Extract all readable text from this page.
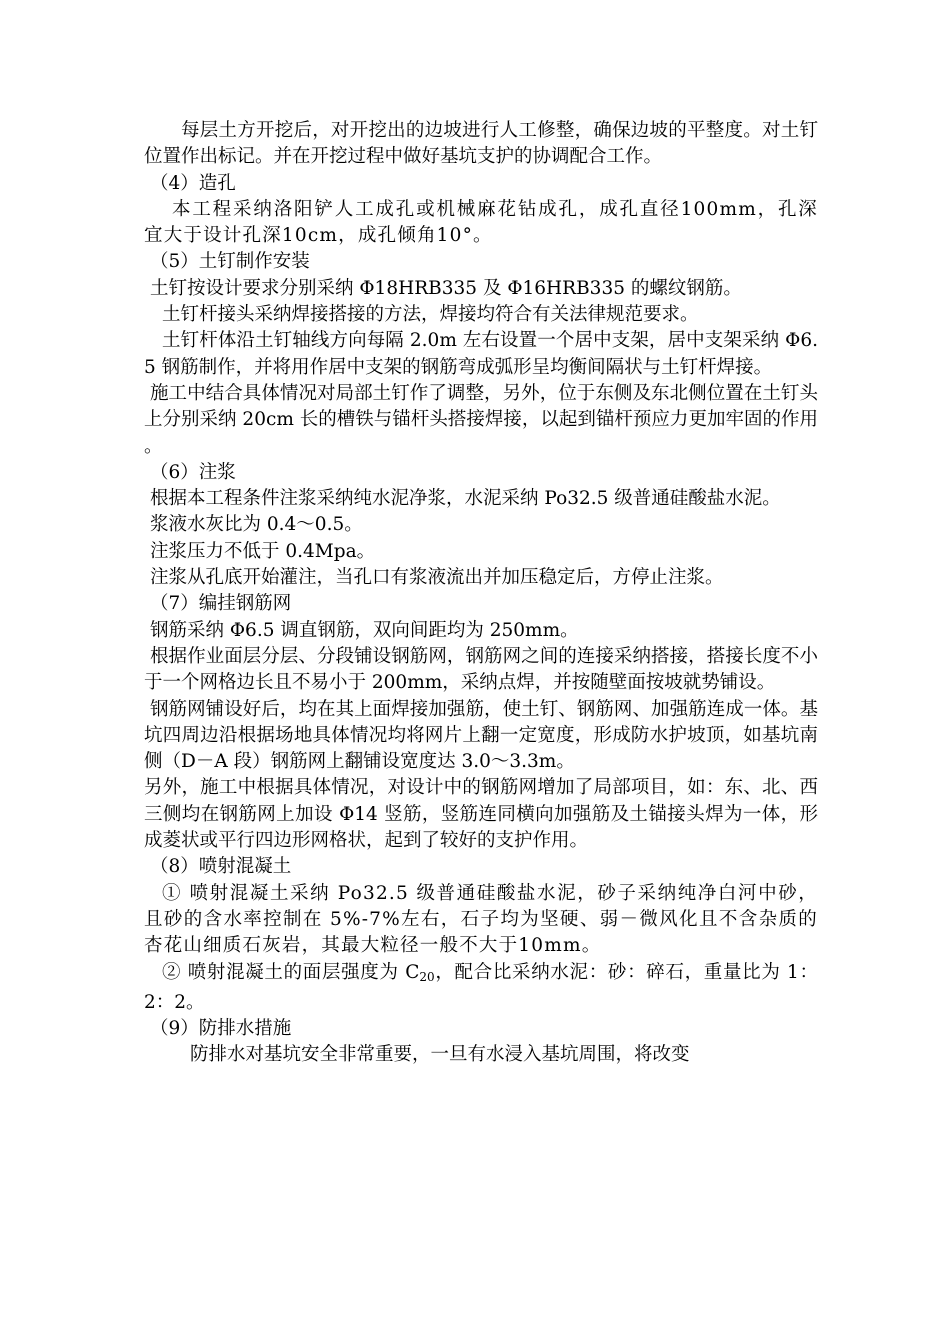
每层土方开挖后，对开挖出的边坡进行人工修整，确保边坡的平整度。对土钉位置作出标记。并在开挖过程中做好基坑支护的协调配合工作。

（4）造孔

本工程采纳洛阳铲人工成孔或机械麻花钻成孔，成孔直径100mm，孔深宜大于设计孔深10cm，成孔倾角10°。

（5）土钉制作安装

土钉按设计要求分别采纳 Φ18HRB335 及 Φ16HRB335 的螺纹钢筋。

土钉杆接头采纳焊接搭接的方法，焊接均符合有关法律规范要求。

土钉杆体沿土钉轴线方向每隔 2.0m 左右设置一个居中支架，居中支架采纳 Φ6.5 钢筋制作，并将用作居中支架的钢筋弯成弧形呈均衡间隔状与土钉杆焊接。

施工中结合具体情况对局部土钉作了调整，另外，位于东侧及东北侧位置在土钉头上分别采纳 20cm 长的槽铁与锚杆头搭接焊接，以起到锚杆预应力更加牢固的作用 。

（6）注浆

根据本工程条件注浆采纳纯水泥净浆，水泥采纳 Po32.5 级普通硅酸盐水泥。

浆液水灰比为 0.4～0.5。

注浆压力不低于 0.4Mpa。

注浆从孔底开始灌注，当孔口有浆液流出并加压稳定后，方停止注浆。

（7）编挂钢筋网

钢筋采纳 Φ6.5 调直钢筋，双向间距均为 250mm。

根据作业面层分层、分段铺设钢筋网，钢筋网之间的连接采纳搭接，搭接长度不小于一个网格边长且不易小于 200mm，采纳点焊，并按随壁面按坡就势铺设。

钢筋网铺设好后，均在其上面焊接加强筋，使土钉、钢筋网、加强筋连成一体。基坑四周边沿根据场地具体情况均将网片上翻一定宽度，形成防水护坡顶，如基坑南侧（D－A 段）钢筋网上翻铺设宽度达 3.0～3.3m。

另外，施工中根据具体情况，对设计中的钢筋网增加了局部项目，如：东、北、西三侧均在钢筋网上加设 Φ14 竖筋，竖筋连同横向加强筋及土锚接头焊为一体，形成菱状或平行四边形网格状，起到了较好的支护作用。

（8）喷射混凝土

① 喷射混凝土采纳 Po32.5 级普通硅酸盐水泥，砂子采纳纯净白河中砂，且砂的含水率控制在 5%-7%左右，石子均为坚硬、弱－微风化且不含杂质的杏花山细质石灰岩，其最大粒径一般不大于10mm。

② 喷射混凝土的面层强度为 $C_{20}$，配合比采纳水泥：砂：碎石，重量比为 1：2：2。

（9）防排水措施

防排水对基坑安全非常重要，一旦有水浸入基坑周围，将改变
